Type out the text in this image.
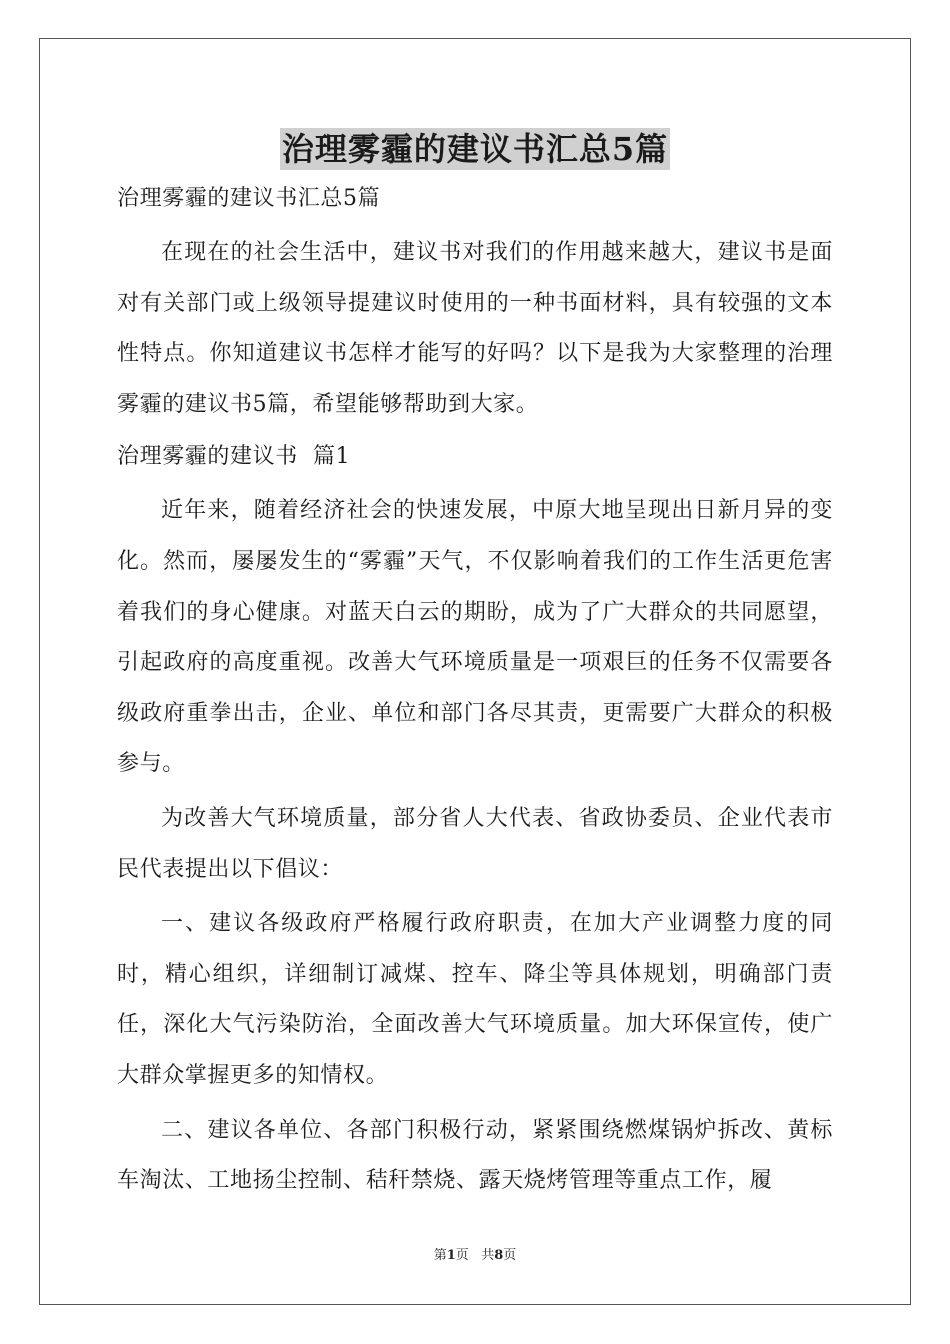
治理雾霾的建议书汇总5篇

治理雾霾的建议书汇总5篇

在现在的社会生活中，建议书对我们的作用越来越大，建议书是面对有关部门或上级领导提建议时使用的一种书面材料，具有较强的文本性特点。你知道建议书怎样才能写的好吗？以下是我为大家整理的治理雾霾的建议书5篇，希望能够帮助到大家。

治理雾霾的建议书  篇1

近年来，随着经济社会的快速发展，中原大地呈现出日新月异的变化。然而，屡屡发生的“雾霾”天气，不仅影响着我们的工作生活更危害着我们的身心健康。对蓝天白云的期盼，成为了广大群众的共同愿望，引起政府的高度重视。改善大气环境质量是一项艰巨的任务不仅需要各级政府重拳出击，企业、单位和部门各尽其责，更需要广大群众的积极参与。

为改善大气环境质量，部分省人大代表、省政协委员、企业代表市民代表提出以下倡议：

一、建议各级政府严格履行政府职责，在加大产业调整力度的同时，精心组织，详细制订减煤、控车、降尘等具体规划，明确部门责任，深化大气污染防治，全面改善大气环境质量。加大环保宣传，使广大群众掌握更多的知情权。

二、建议各单位、各部门积极行动，紧紧围绕燃煤锅炉拆改、黄标车淘汰、工地扬尘控制、秸秆禁烧、露天烧烤管理等重点工作，履

第1页 共8页
